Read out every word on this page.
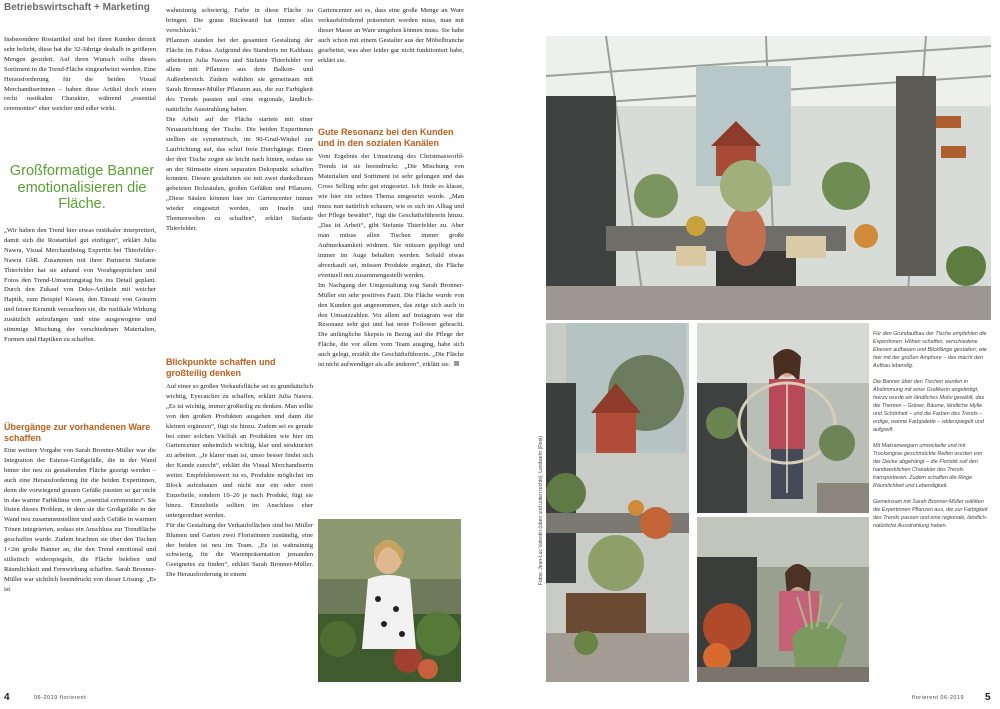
Betriebswirtschaft + Marketing
Insbesondere Rostartikel sind bei ihren Kunden derzeit sehr beliebt, diese hat die 32-Jährige deshalb in größeren Mengen geordert. Auf ihren Wunsch sollte dieses Sortiment in die Trend-Fläche eingearbeitet werden. Eine Herausforderung für die beiden Visual Merchandiserinnen – haben diese Artikel doch einen recht rustikalen Charakter, während „essential ceremonies“ eher weicher und edler wirkt.
Großformatige Banner emotionalisieren die Fläche.
„Wir haben den Trend hier etwas rustikaler interpretiert, damit sich die Rostartikel gut einfügen“, erklärt Julia Nawra, Visual Merchandising Expertin bei Thierfelder-Nawra GbR. Zusammen mit ihrer Partnerin Stefanie Thierfelder hat sie anhand von Vorabgesprächen und Fotos den Trend-Umsetzungstag bis ins Detail geplant. Durch den Zukauf von Deko-Artikeln mit weicher Haptik, zum Beispiel Kissen, den Einsatz von Gräsern und feiner Keramik versuchten sie, die rustikale Wirkung zusätzlich aufzufangen und eine ausgewogene und stimmige Mischung der verschiedenen Materialien, Formen und Haptiken zu schaffen.
Übergänge zur vorhandenen Ware schaffen
Eine weitere Vorgabe von Sarah Bronner-Müller war die Integration der Esteras-Großgefäße, die in der Wand hinter der neu zu gestaltenden Fläche gezeigt werden – auch eine Herausforderung für die beiden Expertinnen, denn die vorwiegend grauen Gefäße passten so gar nicht in das warme Farbklima von „essential ceremonies“. Sie lösten dieses Problem, in dem sie die Großgefäße in der Wand neu zusammenstellten und auch Gefäße in warmen Tönen integrierten, sodass ein Anschluss zur Trendfläche geschaffen wurde. Zudem brachten sie über den Tischen 1×2m große Banner an, die den Trend emotional und stilistisch widerspiegeln, die Fläche beleben und Räumlichkeit und Fernwirkung schaffen. Sarah Bronner-Müller war sichtlich beeindruckt von dieser Lösung: „Es ist
wahnsinnig schwierig, Farbe in diese Fläche zu bringen. Die graue Rückwand hat immer alles verschluckt.“
Pflanzen standen bei der gesamten Gestaltung der Fläche im Fokus. Aufgrund des Standorts im Kalthaus arbeiteten Julia Nawra und Stefanie Thierfelder vor allem mit Pflanzen aus dem Balkon- und Außenbereich. Zudem wählten sie gemeinsam mit Sarah Bronner-Müller Pflanzen aus, die zur Farbigkeit des Trends passten und eine regionale, ländlich-natürliche Ausstrahlung haben.
Die Arbeit auf der Fläche startete mit einer Neuausrichtung der Tische. Die beiden Expertinnen stellten sie symmetrisch, im 90-Grad-Winkel zur Laufrichtung auf, das schuf freie Durchgänge. Einen der drei Tische zogen sie leicht nach hinten, sodass sie an der Stirnseite einen separaten Dekopunkt schaffen konnten. Diesen gestalteten sie mit zwei dunkelbraun gebeizten Holzsäulen, großen Gefäßen und Pflanzen. „Diese Säulen können hier im Gartencenter immer wieder eingesetzt werden, um Inseln und Themenwelten zu schaffen“, erklärt Stefanie Thierfelder.
Blickpunkte schaffen und großteilig denken
Auf einer so großen Verkaufsfläche sei es grundsätzlich wichtig, Eyecatcher zu schaffen, erklärt Julia Nawra. „Es ist wichtig, immer großteilig zu denken. Man sollte von den großen Produkten ausgehen und dann die kleinen ergänzen“, fügt sie hinzu. Zudem sei es gerade bei einer solchen Vielfalt an Produkten wie hier im Gartencenter unheimlich wichtig, klar und strukturiert zu arbeiten. „Je klarer man ist, umso besser findet sich der Kunde zurecht“, erklärt die Visual Merchandiserin weiter. Empfehlenswert ist es, Produkte möglichst im Block aufzubauen und nicht nur ein oder zwei Einzelteile, sondern 10–20 je nach Produkt, fügt sie hinzu. Einzelteile sollten im Anschluss eher untergeordnet werden.
Für die Gestaltung der Verkaufsflächen sind bei Müller Blumen und Garten zwei Floristinnen zuständig, eine der beiden ist neu im Team. „Es ist wahnsinnig schwierig, für die Warenpräsentation jemanden Geeignetes zu finden“, erklärt Sarah Bronner-Müller. Die Herausforderung in einem
Gartencenter sei es, dass eine große Menge an Ware verkaufsfördernd präsentiert werden muss, man mit dieser Masse an Ware umgehen können muss. Sie habe auch schon mit einem Gestalter aus der Möbelbranche gearbeitet, was aber leider gar nicht funktioniert habe, erklärt sie.
Gute Resonanz bei den Kunden und in den sozialen Kanälen
Vom Ergebnis der Umsetzung des Christmasworld-Trends ist sie beeindruckt: „Die Mischung von Materialien und Sortiment ist sehr gelungen und das Cross Selling sehr gut eingesetzt. Ich finde es klasse, wie hier ein echtes Thema umgesetzt wurde. „Man muss nun natürlich schauen, wie es sich im Alltag und der Pflege bewährt“, fügt die Geschäftsführerin hinzu. „Das ist Arbeit“, gibt Stefanie Thierfelder zu. Aber man müsse allen Tischen immer große Aufmerksamkeit widmen. Sie müssen gepflegt und immer im Auge behalten werden. Sobald etwas abverkauft sei, müssen Produkte ergänzt, die Fläche eventuell neu zusammengestellt werden.
Im Nachgang der Umgestaltung zog Sarah Bronner-Müller ein sehr positives Fazit. Die Fläche wurde von den Kunden gut angenommen, das zeige sich auch in den Umsatzzahlen. Vor allem auf Instagram war die Resonanz sehr gut und hat neue Follower gebracht. Die anfängliche Skepsis in Bezug auf die Pflege der Fläche, die vor allem vom Team ausging, habe sich auch gelegt, erzählt die Geschäftsführerin. „Die Fläche ist nicht aufwendiger als alle anderen“, erklärt sie.
Fotos: Jean-Luc Valentin (oben und unten rechts), Landwehr (Rest)
Für den Grundaufbau der Tische empfehlen die Expertinnen: Höhen schaffen, verschiedene Ebenen aufbauen und Blickfänge gestalten, wie hier mit der großen Amphore – das macht den Aufbau lebendig.

Die Banner über den Tischen wurden in Abstimmung mit einer Grafikerin angefertigt, hierzu wurde ein ländliches Motiv gewählt, das die Themen – Gräser, Bäume, ländliche Idylle und Schönheit – und die Farben des Trends – erdige, warme Farbpalette – widerspiegelt und aufgreift.

Mit Makrameegarn umwickelte und mit Trockengras geschmückte Reifen wurden von der Decke abgehängt – die Floristik soll den handwerklichen Charakter des Trends transportieren. Zudem schaffen die Ringe Räumlichkeit und Lebendigkeit.

Gemeinsam mit Sarah Bronner-Müller wählten die Expertinnen Pflanzen aus, die zur Farbigkeit des Trends passen und eine regionale, ländlich-natürliche Ausstrahlung haben.
4	06-2019 florierent	florierent 06-2019 5
